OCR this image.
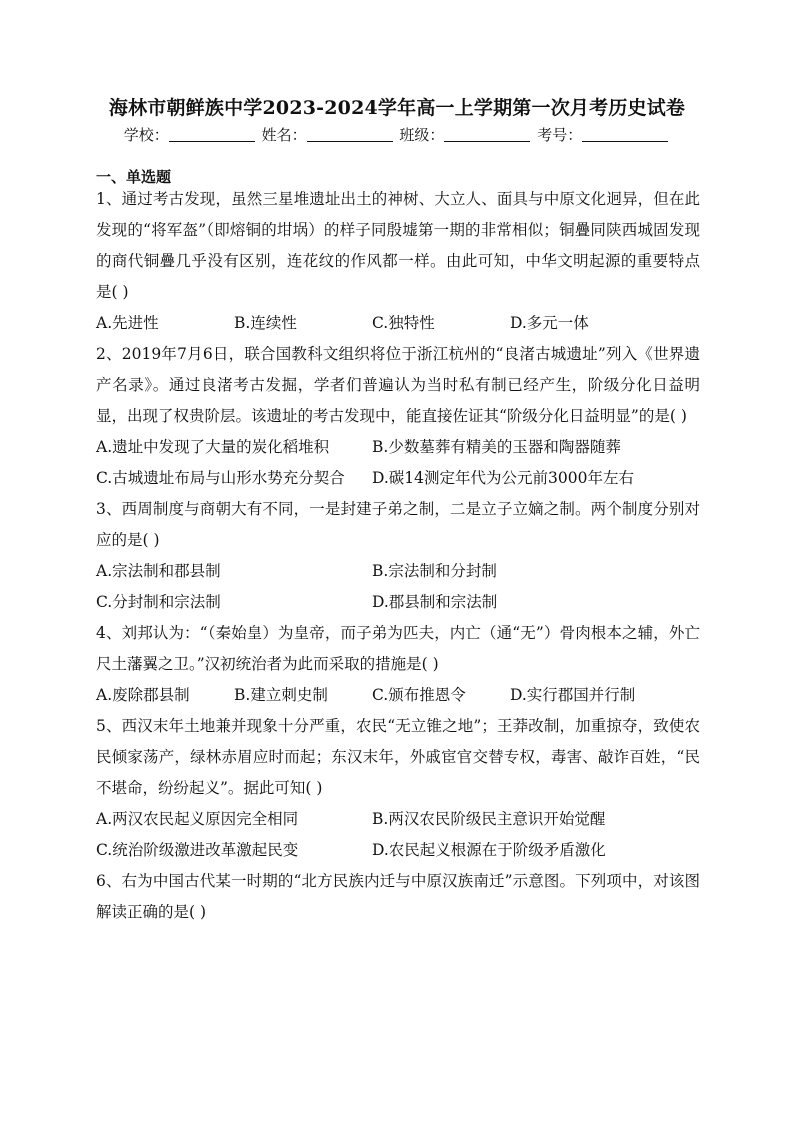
海林市朝鲜族中学2023-2024学年高一上学期第一次月考历史试卷
学校：	姓名：	班级：	考号：
一、单选题

1、通过考古发现，虽然三星堆遗址出土的神树、大立人、面具与中原文化迥异，但在此发现的“将军盔”（即熔铜的坩埚）的样子同殷墟第一期的非常相似；铜疊同陕西城固发现的商代铜疊几乎没有区别，连花纹的作风都一样。由此可知，中华文明起源的重要特点是( )

A.先进性	B.连续性	C.独特性	D.多元一体

2、2019年7月6日，联合国教科文组织将位于浙江杭州的“良渚古城遗址”列入《世界遗产名录》。通过良渚考古发掘，学者们普遍认为当时私有制已经产生，阶级分化日益明显，出现了权贵阶层。该遗址的考古发现中，能直接佐证其“阶级分化日益明显”的是( )

A.遗址中发现了大量的炭化稻堆积	B.少数墓葬有精美的玉器和陶器随葬
C.古城遗址布局与山形水势充分契合	D.碳14测定年代为公元前3000年左右

3、西周制度与商朝大有不同，一是封建子弟之制，二是立子立嫡之制。两个制度分别对应的是( )

A.宗法制和郡县制	B.宗法制和分封制
C.分封制和宗法制	D.郡县制和宗法制

4、刘邦认为：“（秦始皇）为皇帝，而子弟为匹夫，内亡（通“无”）骨肉根本之辅，外亡尺土藩翼之卫。”汉初统治者为此而采取的措施是( )

A.废除郡县制	B.建立刺史制	C.颁布推恩令	D.实行郡国并行制

5、西汉末年土地兼并现象十分严重，农民“无立锥之地”；王莽改制，加重掠夺，致使农民倾家荡产，绿林赤眉应时而起；东汉末年，外戚宦官交替专权，毒害、敲诈百姓，“民不堪命，纷纷起义”。据此可知( )

A.两汉农民起义原因完全相同	B.两汉农民阶级民主意识开始觉醒
C.统治阶级激进改革激起民变	D.农民起义根源在于阶级矛盾激化

6、右为中国古代某一时期的“北方民族内迁与中原汉族南迁”示意图。下列项中，对该图解读正确的是( )
